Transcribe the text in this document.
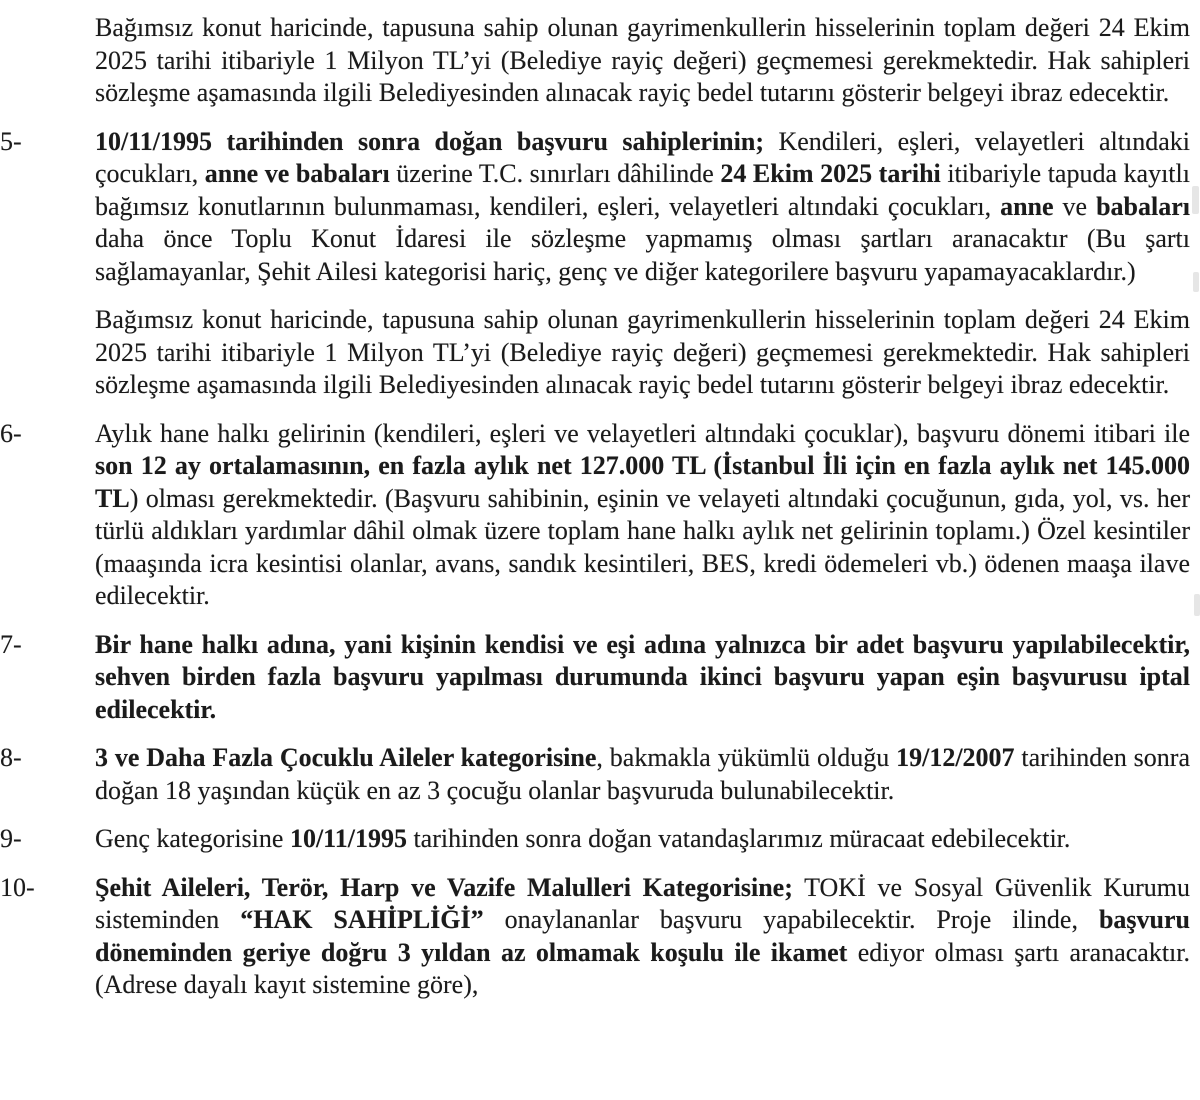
Bağımsız konut haricinde, tapusuna sahip olunan gayrimenkullerin hisselerinin toplam değeri 24 Ekim 2025 tarihi itibariyle 1 Milyon TL’yi (Belediye rayiç değeri) geçmemesi gerekmektedir. Hak sahipleri sözleşme aşamasında ilgili Belediyesinden alınacak rayiç bedel tutarını gösterir belgeyi ibraz edecektir.
5-	10/11/1995 tarihinden sonra doğan başvuru sahiplerinin; Kendileri, eşleri, velayetleri altındaki çocukları, anne ve babaları üzerine T.C. sınırları dâhilinde 24 Ekim 2025 tarihi itibariyle tapuda kayıtlı bağımsız konutlarının bulunmaması, kendileri, eşleri, velayetleri altındaki çocukları, anne ve babaları daha önce Toplu Konut İdaresi ile sözleşme yapmamış olması şartları aranacaktır (Bu şartı sağlamayanlar, Şehit Ailesi kategorisi hariç, genç ve diğer kategorilere başvuru yapamayacaklardır.)
Bağımsız konut haricinde, tapusuna sahip olunan gayrimenkullerin hisselerinin toplam değeri 24 Ekim 2025 tarihi itibariyle 1 Milyon TL’yi (Belediye rayiç değeri) geçmemesi gerekmektedir. Hak sahipleri sözleşme aşamasında ilgili Belediyesinden alınacak rayiç bedel tutarını gösterir belgeyi ibraz edecektir.
6-	Aylık hane halkı gelirinin (kendileri, eşleri ve velayetleri altındaki çocuklar), başvuru dönemi itibari ile son 12 ay ortalamasının, en fazla aylık net 127.000 TL (İstanbul İli için en fazla aylık net 145.000 TL) olması gerekmektedir. (Başvuru sahibinin, eşinin ve velayeti altındaki çocuğunun, gıda, yol, vs. her türlü aldıkları yardımlar dâhil olmak üzere toplam hane halkı aylık net gelirinin toplamı.) Özel kesintiler (maaşında icra kesintisi olanlar, avans, sandık kesintileri, BES, kredi ödemeleri vb.) ödenen maaşa ilave edilecektir.
7-	Bir hane halkı adına, yani kişinin kendisi ve eşi adına yalnızca bir adet başvuru yapılabilecektir, sehven birden fazla başvuru yapılması durumunda ikinci başvuru yapan eşin başvurusu iptal edilecektir.
8-	3 ve Daha Fazla Çocuklu Aileler kategorisine, bakmakla yükümlü olduğu 19/12/2007 tarihinden sonra doğan 18 yaşından küçük en az 3 çocuğu olanlar başvuruda bulunabilecektir.
9-	Genç kategorisine 10/11/1995 tarihinden sonra doğan vatandaşlarımız müracaat edebilecektir.
10-	Şehit Aileleri, Terör, Harp ve Vazife Malulleri Kategorisine; TOKİ ve Sosyal Güvenlik Kurumu sisteminden “HAK SAHİPLİĞİ” onaylananlar başvuru yapabilecektir. Proje ilinde, başvuru döneminden geriye doğru 3 yıldan az olmamak koşulu ile ikamet ediyor olması şartı aranacaktır. (Adrese dayalı kayıt sistemine göre),
